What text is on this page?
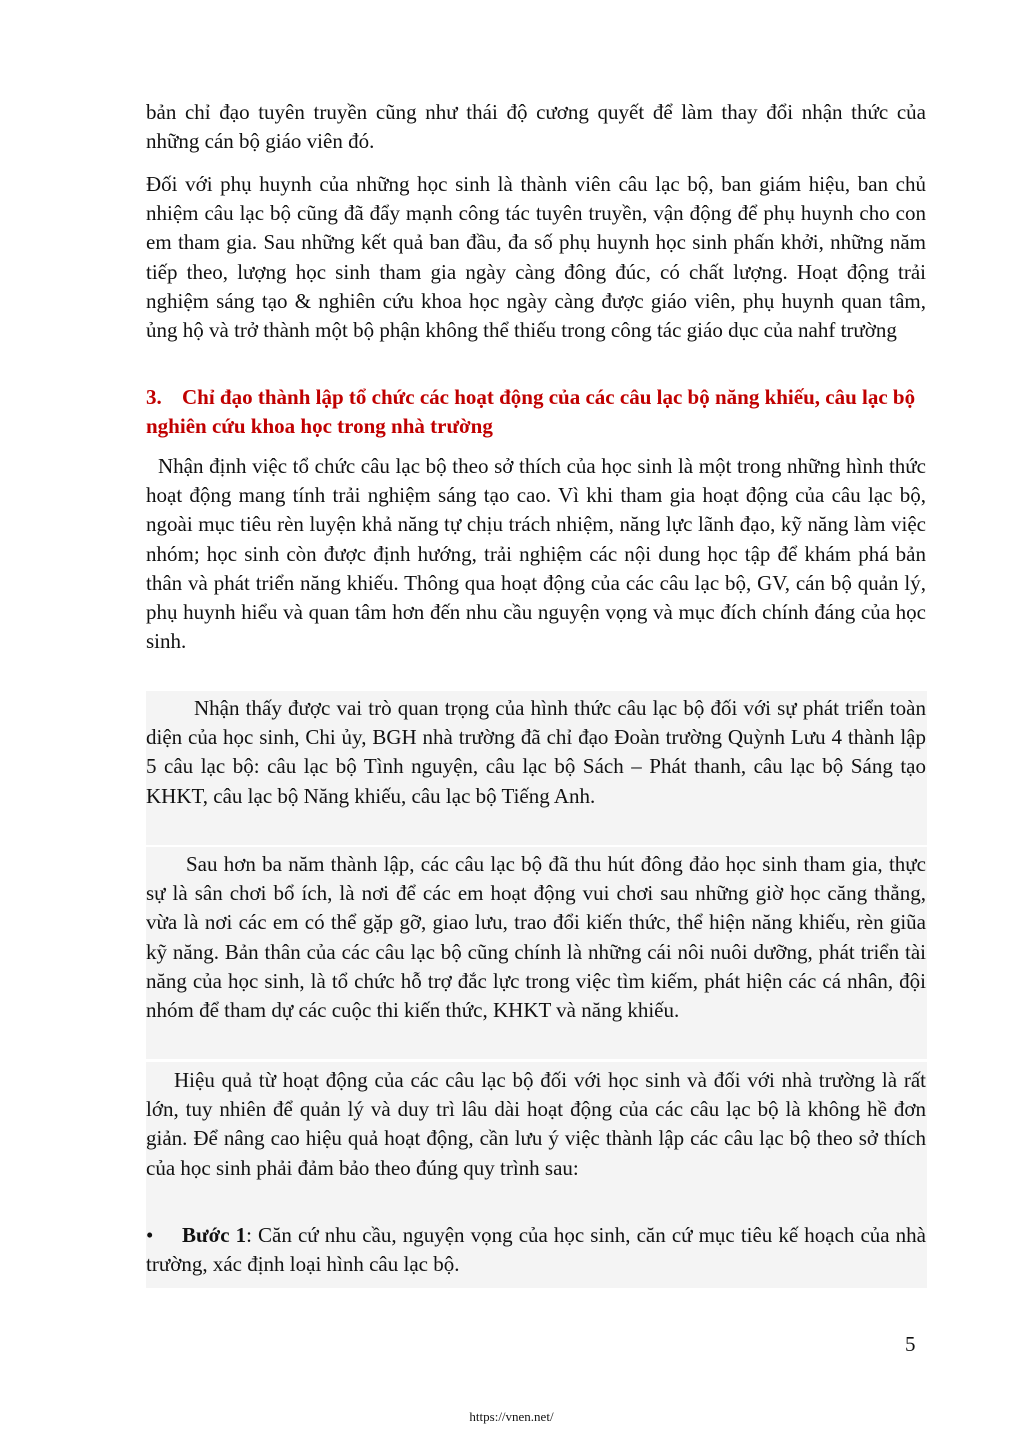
bản chỉ đạo tuyên truyền cũng như thái độ cương quyết để làm thay đổi nhận thức của những cán bộ giáo viên đó.
Đối với phụ huynh của những học sinh là thành viên câu lạc bộ, ban giám hiệu, ban chủ nhiệm câu lạc bộ cũng đã đẩy mạnh công tác tuyên truyền, vận động để phụ huynh cho con em tham gia. Sau những kết quả ban đầu, đa số phụ huynh học sinh phấn khởi, những năm tiếp theo, lượng học sinh tham gia ngày càng đông đúc, có chất lượng. Hoạt động trải nghiệm sáng tạo & nghiên cứu khoa học ngày càng được giáo viên, phụ huynh quan tâm, ủng hộ và trở thành một bộ phận không thể thiếu trong công tác giáo dục của nahf trường
3. Chỉ đạo thành lập tổ chức các hoạt động của các câu lạc bộ năng khiếu, câu lạc bộ nghiên cứu khoa học trong nhà trường
Nhận định việc tổ chức câu lạc bộ theo sở thích của học sinh là một trong những hình thức hoạt động mang tính trải nghiệm sáng tạo cao. Vì khi tham gia hoạt động của câu lạc bộ, ngoài mục tiêu rèn luyện khả năng tự chịu trách nhiệm, năng lực lãnh đạo, kỹ năng làm việc nhóm; học sinh còn được định hướng, trải nghiệm các nội dung học tập để khám phá bản thân và phát triển năng khiếu. Thông qua hoạt động của các câu lạc bộ, GV, cán bộ quản lý, phụ huynh hiểu và quan tâm hơn đến nhu cầu nguyện vọng và mục đích chính đáng của học sinh.
Nhận thấy được vai trò quan trọng của hình thức câu lạc bộ đối với sự phát triển toàn diện của học sinh, Chi ủy, BGH nhà trường đã chỉ đạo Đoàn trường Quỳnh Lưu 4 thành lập 5 câu lạc bộ: câu lạc bộ Tình nguyện, câu lạc bộ Sách – Phát thanh, câu lạc bộ Sáng tạo KHKT, câu lạc bộ Năng khiếu, câu lạc bộ Tiếng Anh.
Sau hơn ba năm thành lập, các câu lạc bộ đã thu hút đông đảo học sinh tham gia, thực sự là sân chơi bổ ích, là nơi để các em hoạt động vui chơi sau những giờ học căng thẳng, vừa là nơi các em có thể gặp gỡ, giao lưu, trao đổi kiến thức, thể hiện năng khiếu, rèn giũa kỹ năng. Bản thân của các câu lạc bộ cũng chính là những cái nôi nuôi dưỡng, phát triển tài năng của học sinh, là tổ chức hỗ trợ đắc lực trong việc tìm kiếm, phát hiện các cá nhân, đội nhóm để tham dự các cuộc thi kiến thức, KHKT và năng khiếu.
Hiệu quả từ hoạt động của các câu lạc bộ đối với học sinh và đối với nhà trường là rất lớn, tuy nhiên để quản lý và duy trì lâu dài hoạt động của các câu lạc bộ là không hề đơn giản. Để nâng cao hiệu quả hoạt động, cần lưu ý việc thành lập các câu lạc bộ theo sở thích của học sinh phải đảm bảo theo đúng quy trình sau:
• Bước 1: Căn cứ nhu cầu, nguyện vọng của học sinh, căn cứ mục tiêu kế hoạch của nhà trường, xác định loại hình câu lạc bộ.
5
https://vnen.net/
